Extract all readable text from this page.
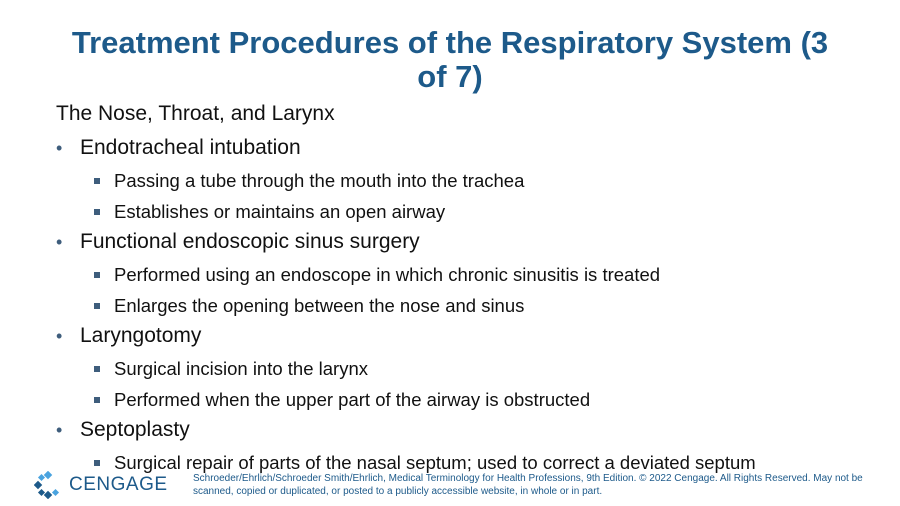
Treatment Procedures of the Respiratory System (3 of 7)
The Nose, Throat, and Larynx
• Endotracheal intubation
Passing a tube through the mouth into the trachea
Establishes or maintains an open airway
• Functional endoscopic sinus surgery
Performed using an endoscope in which chronic sinusitis is treated
Enlarges the opening between the nose and sinus
• Laryngotomy
Surgical incision into the larynx
Performed when the upper part of the airway is obstructed
• Septoplasty
Surgical repair of parts of the nasal septum; used to correct a deviated septum
CENGAGE	Schroeder/Ehrlich/Schroeder Smith/Ehrlich, Medical Terminology for Health Professions, 9th Edition. © 2022 Cengage. All Rights Reserved. May not be scanned, copied or duplicated, or posted to a publicly accessible website, in whole or in part.
